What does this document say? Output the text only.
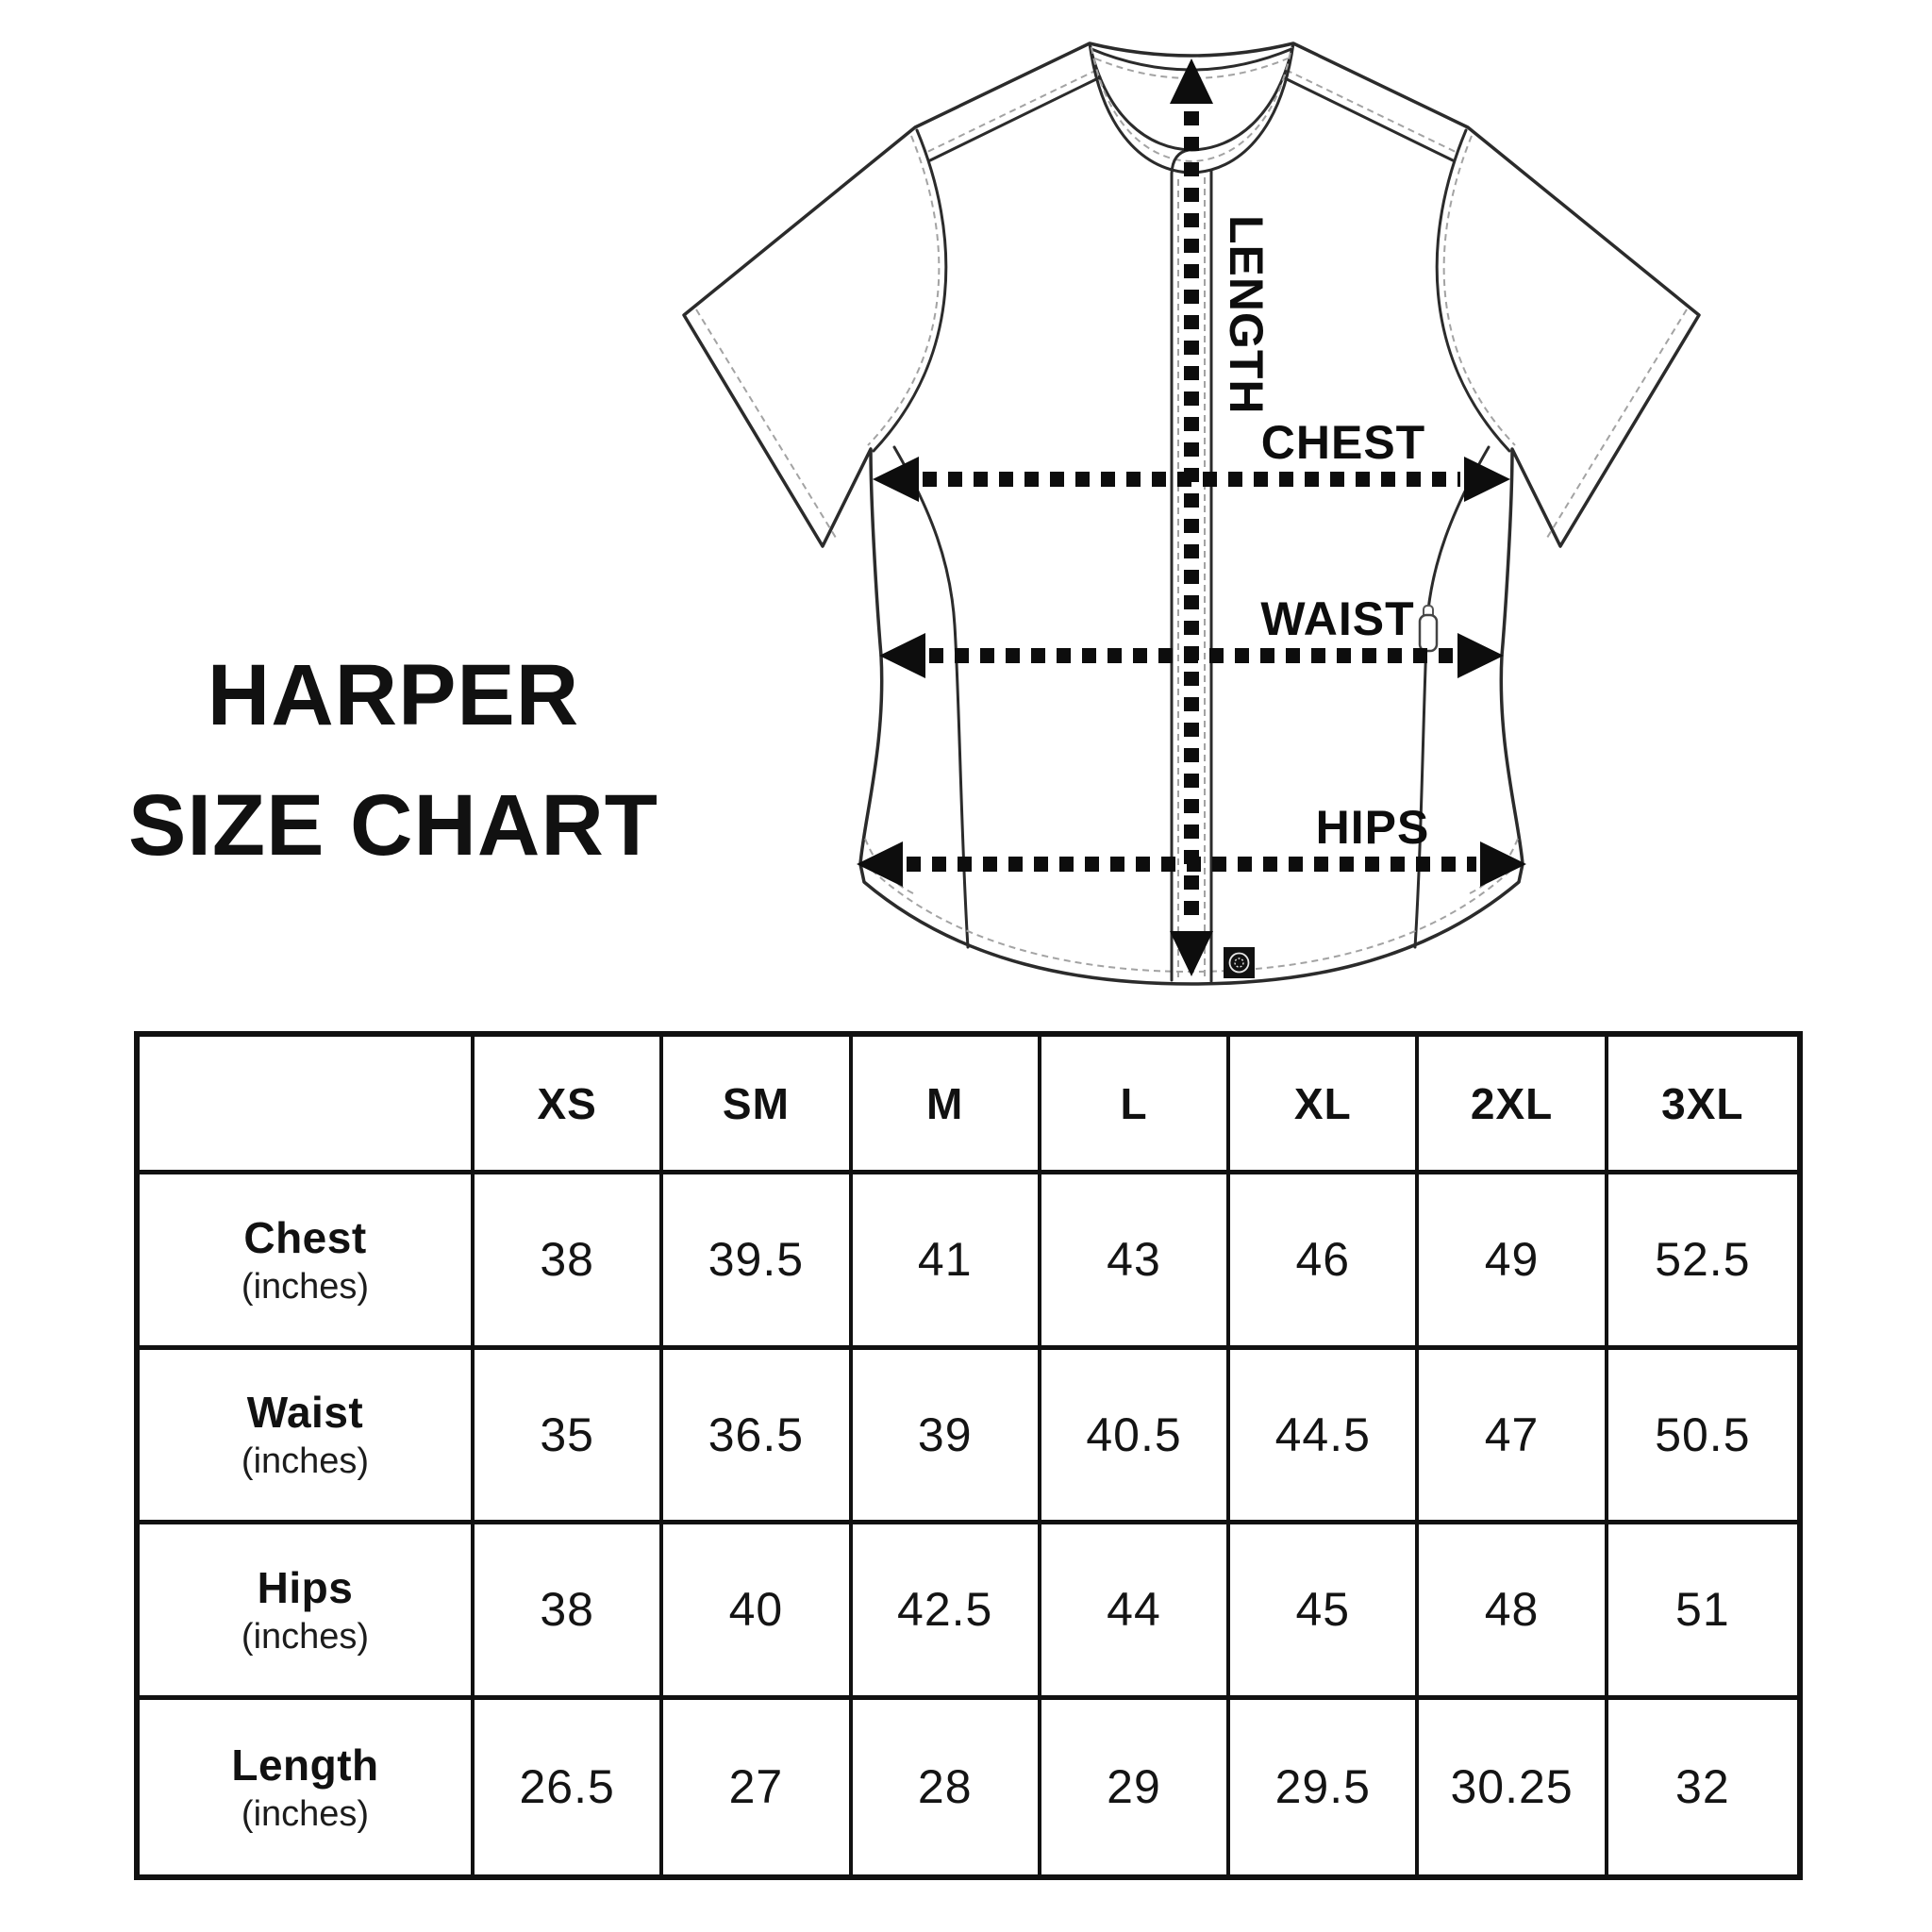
HARPER
SIZE CHART
LENGTH
CHEST
WAIST
HIPS
XS	SM	M	L	XL	2XL	3XL
Chest
(inches)
38	39.5	41	43	46	49	52.5
Waist
(inches)
35	36.5	39	40.5	44.5	47	50.5
Hips
(inches)
38	40	42.5	44	45	48	51
Length
(inches)
26.5	27	28	29	29.5	30.25	32
